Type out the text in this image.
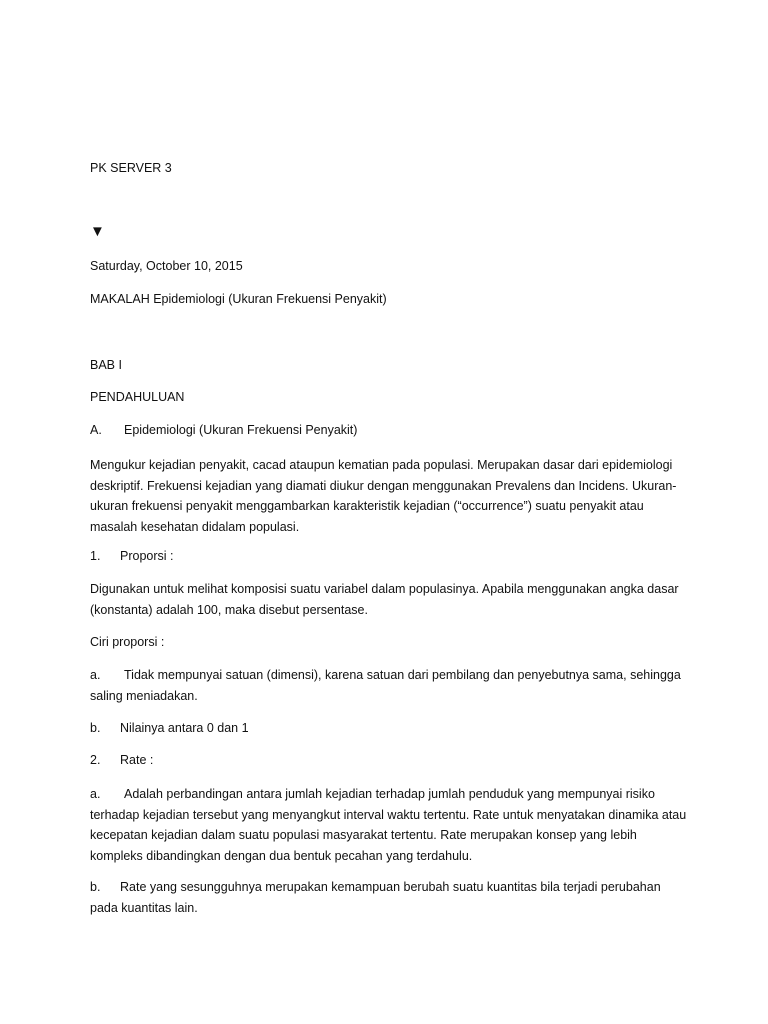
PK SERVER 3
▼
Saturday, October 10, 2015
MAKALAH Epidemiologi (Ukuran Frekuensi Penyakit)
BAB I
PENDAHULUAN
A. Epidemiologi (Ukuran Frekuensi Penyakit)
Mengukur kejadian penyakit, cacad ataupun kematian pada populasi. Merupakan dasar dari epidemiologi deskriptif. Frekuensi kejadian yang diamati diukur dengan menggunakan Prevalens dan Incidens. Ukuran-ukuran frekuensi penyakit menggambarkan karakteristik kejadian (“occurrence”) suatu penyakit atau masalah kesehatan didalam populasi.
1. Proporsi :
Digunakan untuk melihat komposisi suatu variabel dalam populasinya. Apabila menggunakan angka dasar (konstanta) adalah 100, maka disebut persentase.
Ciri proporsi :
a. Tidak mempunyai satuan (dimensi), karena satuan dari pembilang dan penyebutnya sama, sehingga saling meniadakan.
b. Nilainya antara 0 dan 1
2. Rate :
a. Adalah perbandingan antara jumlah kejadian terhadap jumlah penduduk yang mempunyai risiko terhadap kejadian tersebut yang menyangkut interval waktu tertentu. Rate untuk menyatakan dinamika atau kecepatan kejadian dalam suatu populasi masyarakat tertentu. Rate merupakan konsep yang lebih kompleks dibandingkan dengan dua bentuk pecahan yang terdahulu.
b. Rate yang sesungguhnya merupakan kemampuan berubah suatu kuantitas bila terjadi perubahan pada kuantitas lain.
